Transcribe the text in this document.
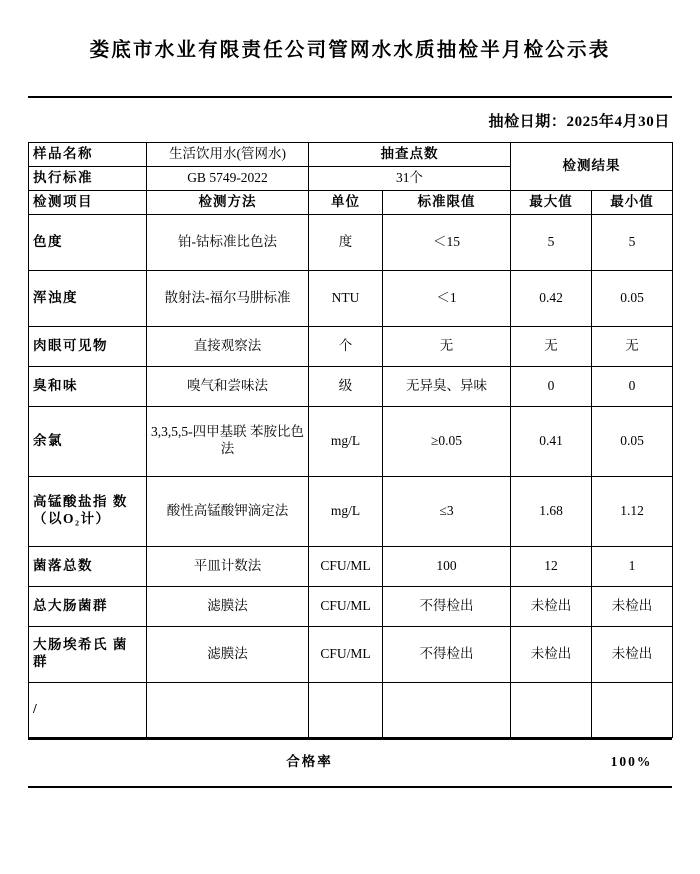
娄底市水业有限责任公司管网水水质抽检半月检公示表
抽检日期：2025年4月30日
样品名称	生活饮用水(管网水)	抽查点数		检测结果	
执行标准	GB 5749-2022	31个			
检测项目	检测方法	单位	标准限值	最大值	最小值
色度	铂-钴标准比色法	度	＜15	5	5
浑浊度	散射法-福尔马肼标准	NTU	＜1	0.42	0.05
肉眼可见物	直接观察法	个	无	无	无
臭和味	嗅气和尝味法	级	无异臭、异味	0	0
余氯	3,3,5,5-四甲基联 苯胺比色法	mg/L	≥0.05	0.41	0.05
高锰酸盐指 数（以O₂计）	酸性高锰酸钾滴定法	mg/L	≤3	1.68	1.12
菌落总数	平皿计数法	CFU/ML	100	12	1
总大肠菌群	滤膜法	CFU/ML	不得检出	未检出	未检出
大肠埃希氏 菌群	滤膜法	CFU/ML	不得检出	未检出	未检出
/					
合格率	100%
